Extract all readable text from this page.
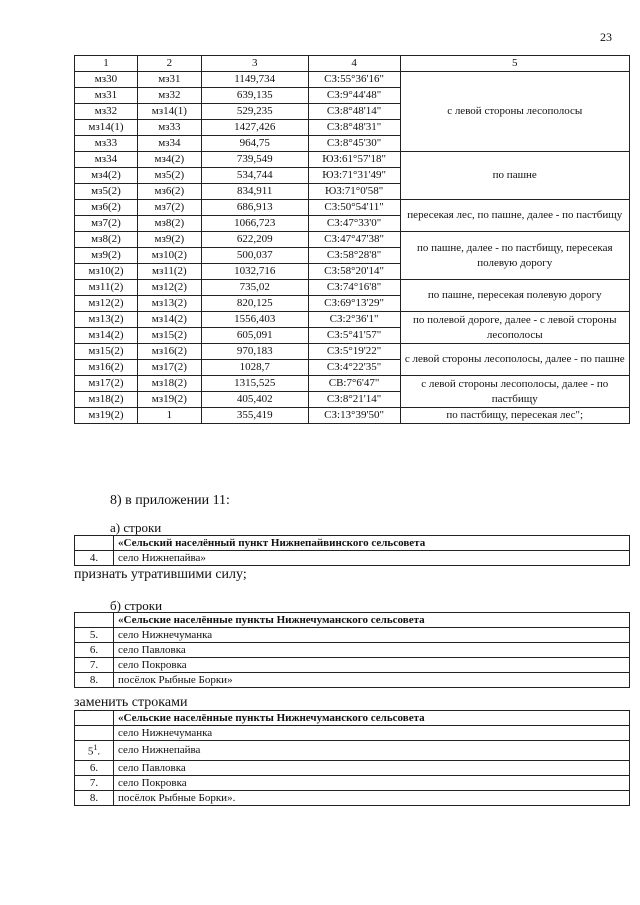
23
1	2	3	4	5
мз30	мз31	1149,734	СЗ:55°36'16"	с левой стороны лесополосы
мз31	мз32	639,135	СЗ:9°44'48"	
мз32	мз14(1)	529,235	СЗ:8°48'14"	
мз14(1)	мз33	1427,426	СЗ:8°48'31"	
мз33	мз34	964,75	СЗ:8°45'30"	
мз34	мз4(2)	739,549	ЮЗ:61°57'18"	по пашне
мз4(2)	мз5(2)	534,744	ЮЗ:71°31'49"	
мз5(2)	мз6(2)	834,911	ЮЗ:71°0'58"	
мз6(2)	мз7(2)	686,913	СЗ:50°54'11"	пересекая лес, по пашне, далее - по пастбищу
мз7(2)	мз8(2)	1066,723	СЗ:47°33'0"	
мз8(2)	мз9(2)	622,209	СЗ:47°47'38"	по пашне, далее - по пастбищу, пересекая полевую дорогу
мз9(2)	мз10(2)	500,037	СЗ:58°28'8"	
мз10(2)	мз11(2)	1032,716	СЗ:58°20'14"	
мз11(2)	мз12(2)	735,02	СЗ:74°16'8"	по пашне, пересекая полевую дорогу
мз12(2)	мз13(2)	820,125	СЗ:69°13'29"	
мз13(2)	мз14(2)	1556,403	СЗ:2°36'1"	по полевой дороге, далее - с левой стороны лесополосы
мз14(2)	мз15(2)	605,091	СЗ:5°41'57"	
мз15(2)	мз16(2)	970,183	СЗ:5°19'22"	с левой стороны лесополосы, далее - по пашне
мз16(2)	мз17(2)	1028,7	СЗ:4°22'35"	
мз17(2)	мз18(2)	1315,525	СВ:7°6'47"	с левой стороны лесополосы, далее - по пастбищу
мз18(2)	мз19(2)	405,402	СЗ:8°21'14"	
мз19(2)	1	355,419	СЗ:13°39'50"	по пастбищу, пересекая лес";
8) в приложении 11:
а) строки
	«Сельский населённый пункт Нижнепайвинского сельсовета
4.	село Нижнепайва»
признать утратившими силу;
б) строки
	«Сельские населённые пункты Нижнечуманского сельсовета
5.	село Нижнечуманка
6.	село Павловка
7.	село Покровка
8.	посёлок Рыбные Борки»
заменить строками
	«Сельские населённые пункты Нижнечуманского сельсовета
	село Нижнечуманка
$5^1$.	село Нижнепайва
6.	село Павловка
7.	село Покровка
8.	посёлок Рыбные Борки».
